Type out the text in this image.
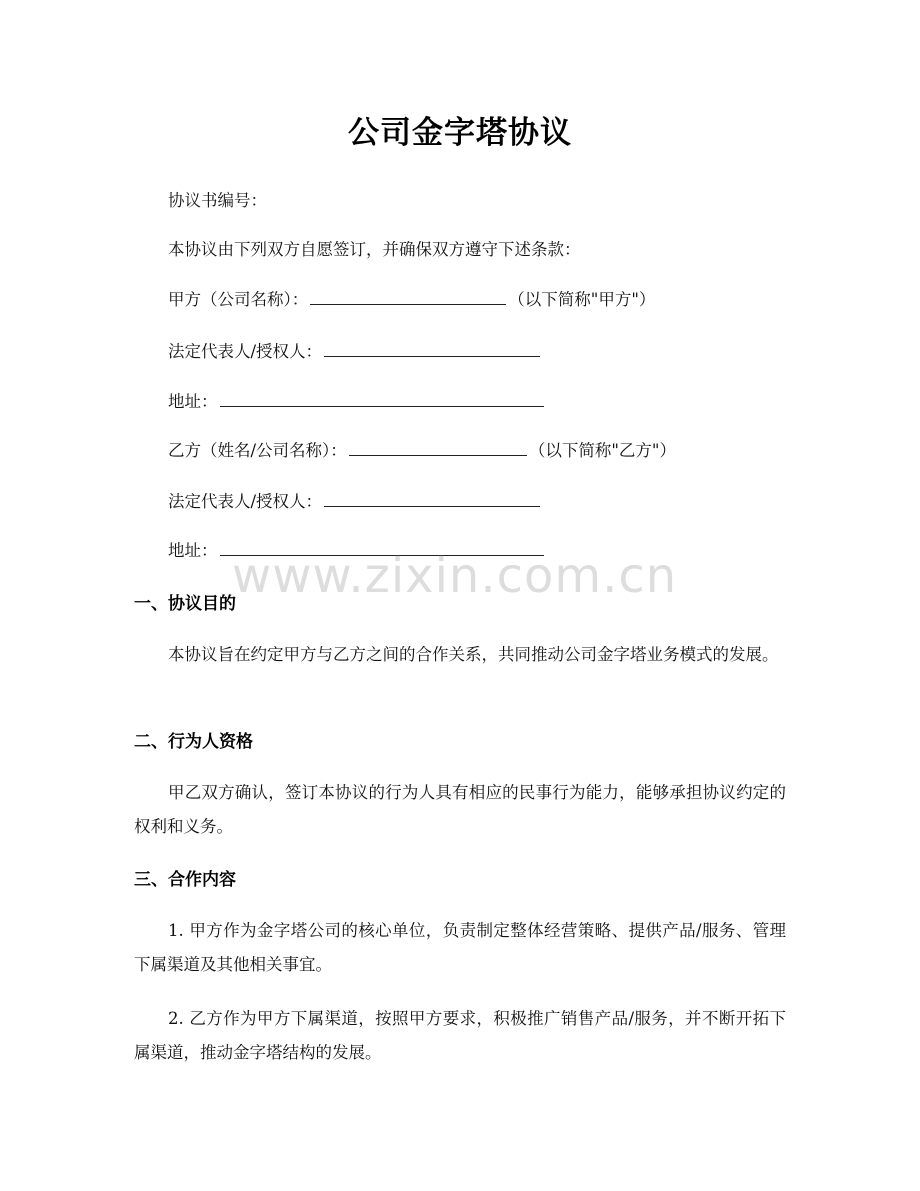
公司金字塔协议
协议书编号：
本协议由下列双方自愿签订，并确保双方遵守下述条款：
甲方（公司名称）：	（以下简称"甲方"）
法定代表人/授权人：
地址：
乙方（姓名/公司名称）：	（以下简称"乙方"）
法定代表人/授权人：
地址：
一、协议目的
本协议旨在约定甲方与乙方之间的合作关系，共同推动公司金字塔业务模式的发展。
二、行为人资格
甲乙双方确认，签订本协议的行为人具有相应的民事行为能力，能够承担协议约定的权利和义务。
三、合作内容
1. 甲方作为金字塔公司的核心单位，负责制定整体经营策略、提供产品/服务、管理下属渠道及其他相关事宜。
2. 乙方作为甲方下属渠道，按照甲方要求，积极推广销售产品/服务，并不断开拓下属渠道，推动金字塔结构的发展。
www.zixin.com.cn
